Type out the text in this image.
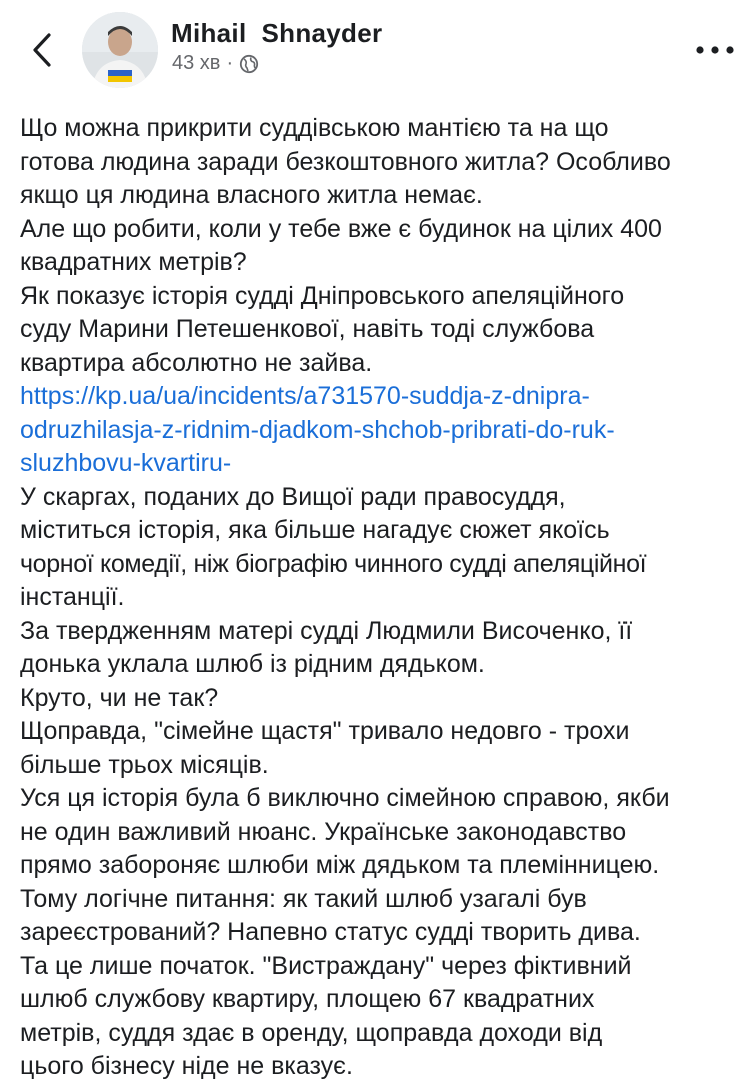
Mihail  Shnayder
43 хв ·
Що можна прикрити суддівською мантією та на що
готова людина заради безкоштовного житла? Особливо
якщо ця людина власного житла немає.
Але що робити, коли у тебе вже є будинок на цілих 400
квадратних метрів?
Як показує історія судді Дніпровського апеляційного
суду Марини Петешенкової, навіть тоді службова
квартира абсолютно не зайва.
https://kp.ua/ua/incidents/a731570-suddja-z-dnipra-
odruzhilasja-z-ridnim-djadkom-shchob-pribrati-do-ruk-
sluzhbovu-kvartiru-
У скаргах, поданих до Вищої ради правосуддя,
міститься історія, яка більше нагадує сюжет якоїсь
чорної комедії, ніж біографію чинного судді апеляційної
інстанції.
За твердженням матері судді Людмили Височенко, її
донька уклала шлюб із рідним дядьком.
Круто, чи не так?
Щоправда, "сімейне щастя" тривало недовго - трохи
більше трьох місяців.
Уся ця історія була б виключно сімейною справою, якби
не один важливий нюанс. Українське законодавство
прямо забороняє шлюби між дядьком та племінницею.
Тому логічне питання: як такий шлюб узагалі був
зареєстрований? Напевно статус судді творить дива.
Та це лише початок. "Вистраждану" через фіктивний
шлюб службову квартиру, площею 67 квадратних
метрів, суддя здає в оренду, щоправда доходи від
цього бізнесу ніде не вказує.
